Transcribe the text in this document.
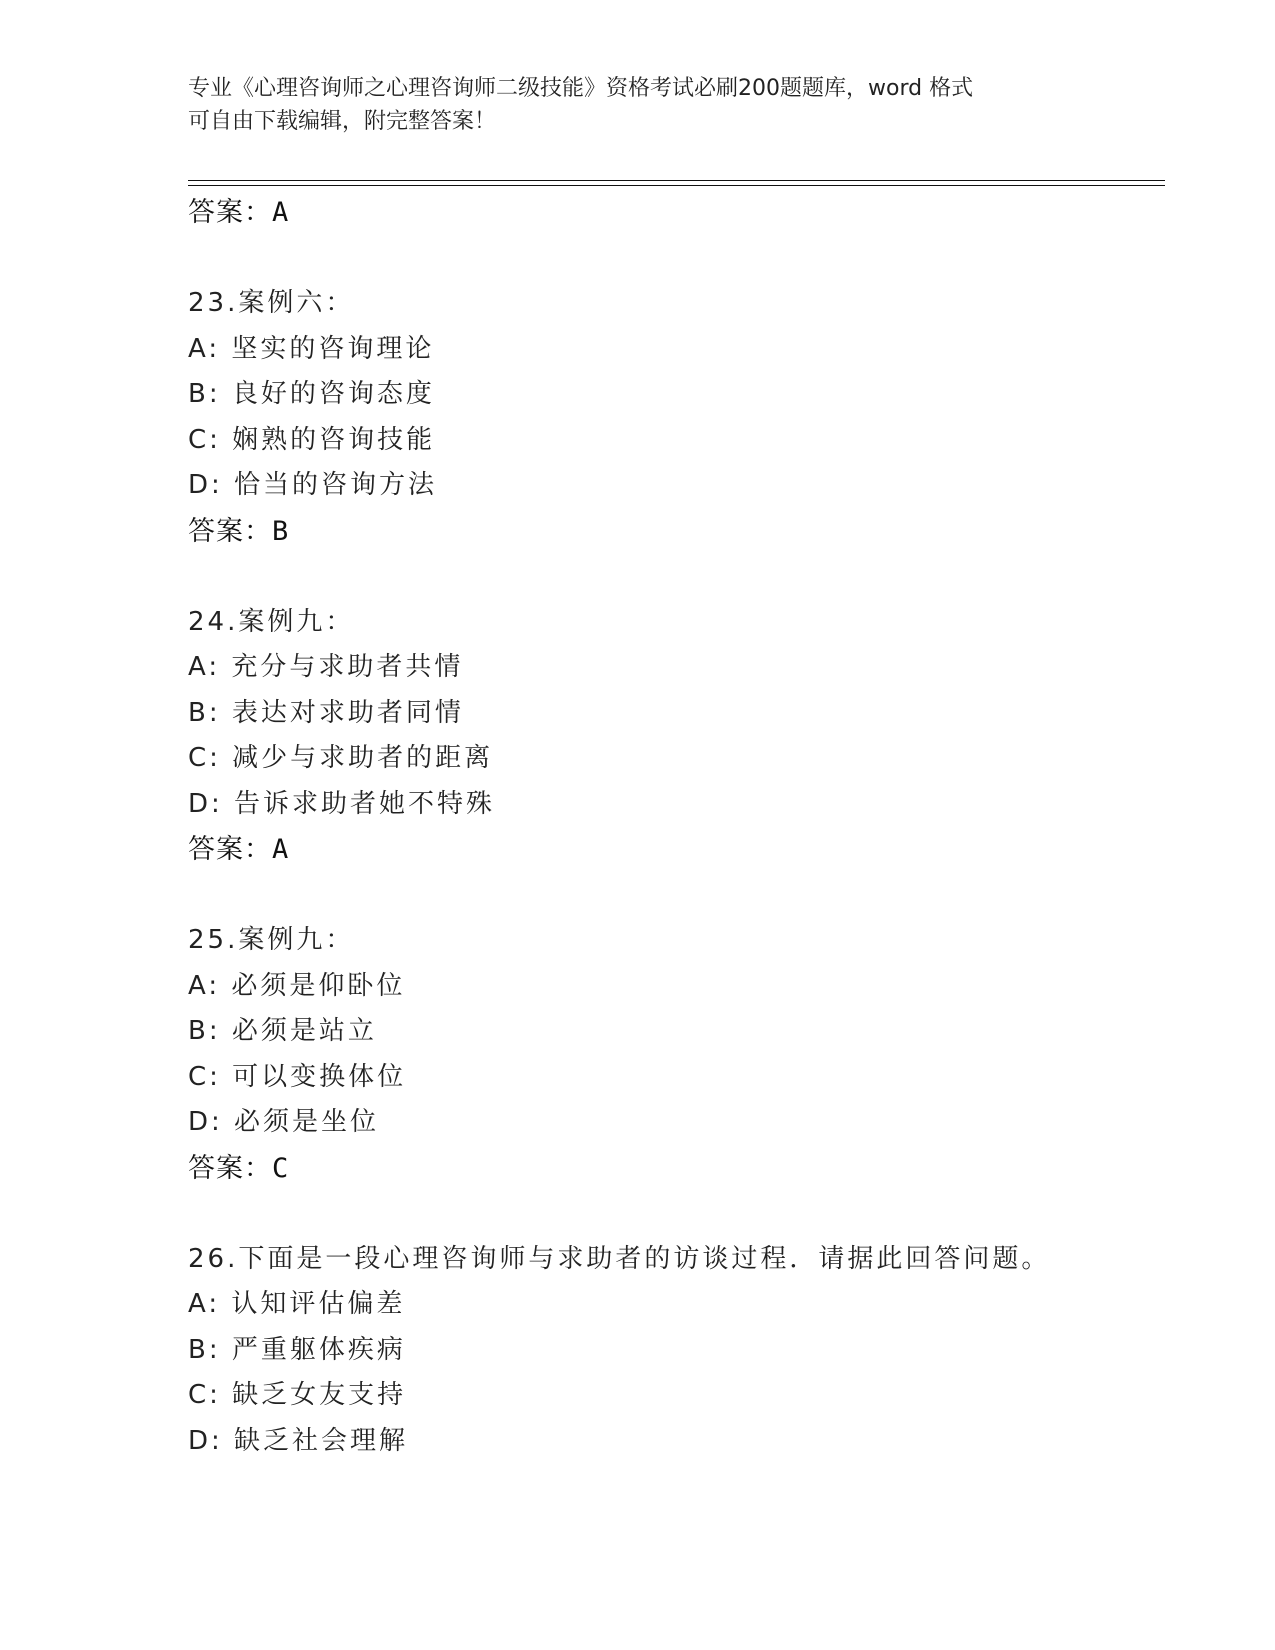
专业《心理咨询师之心理咨询师二级技能》资格考试必刷200题题库，word 格式
可自由下载编辑，附完整答案！
答案：A
23.案例六：
A: 坚实的咨询理论
B: 良好的咨询态度
C: 娴熟的咨询技能
D: 恰当的咨询方法
答案：B
24.案例九：
A: 充分与求助者共情
B: 表达对求助者同情
C: 减少与求助者的距离
D: 告诉求助者她不特殊
答案：A
25.案例九：
A: 必须是仰卧位
B: 必须是站立
C: 可以变换体位
D: 必须是坐位
答案：C
26.下面是一段心理咨询师与求助者的访谈过程．请据此回答问题。
A: 认知评估偏差
B: 严重躯体疾病
C: 缺乏女友支持
D: 缺乏社会理解
